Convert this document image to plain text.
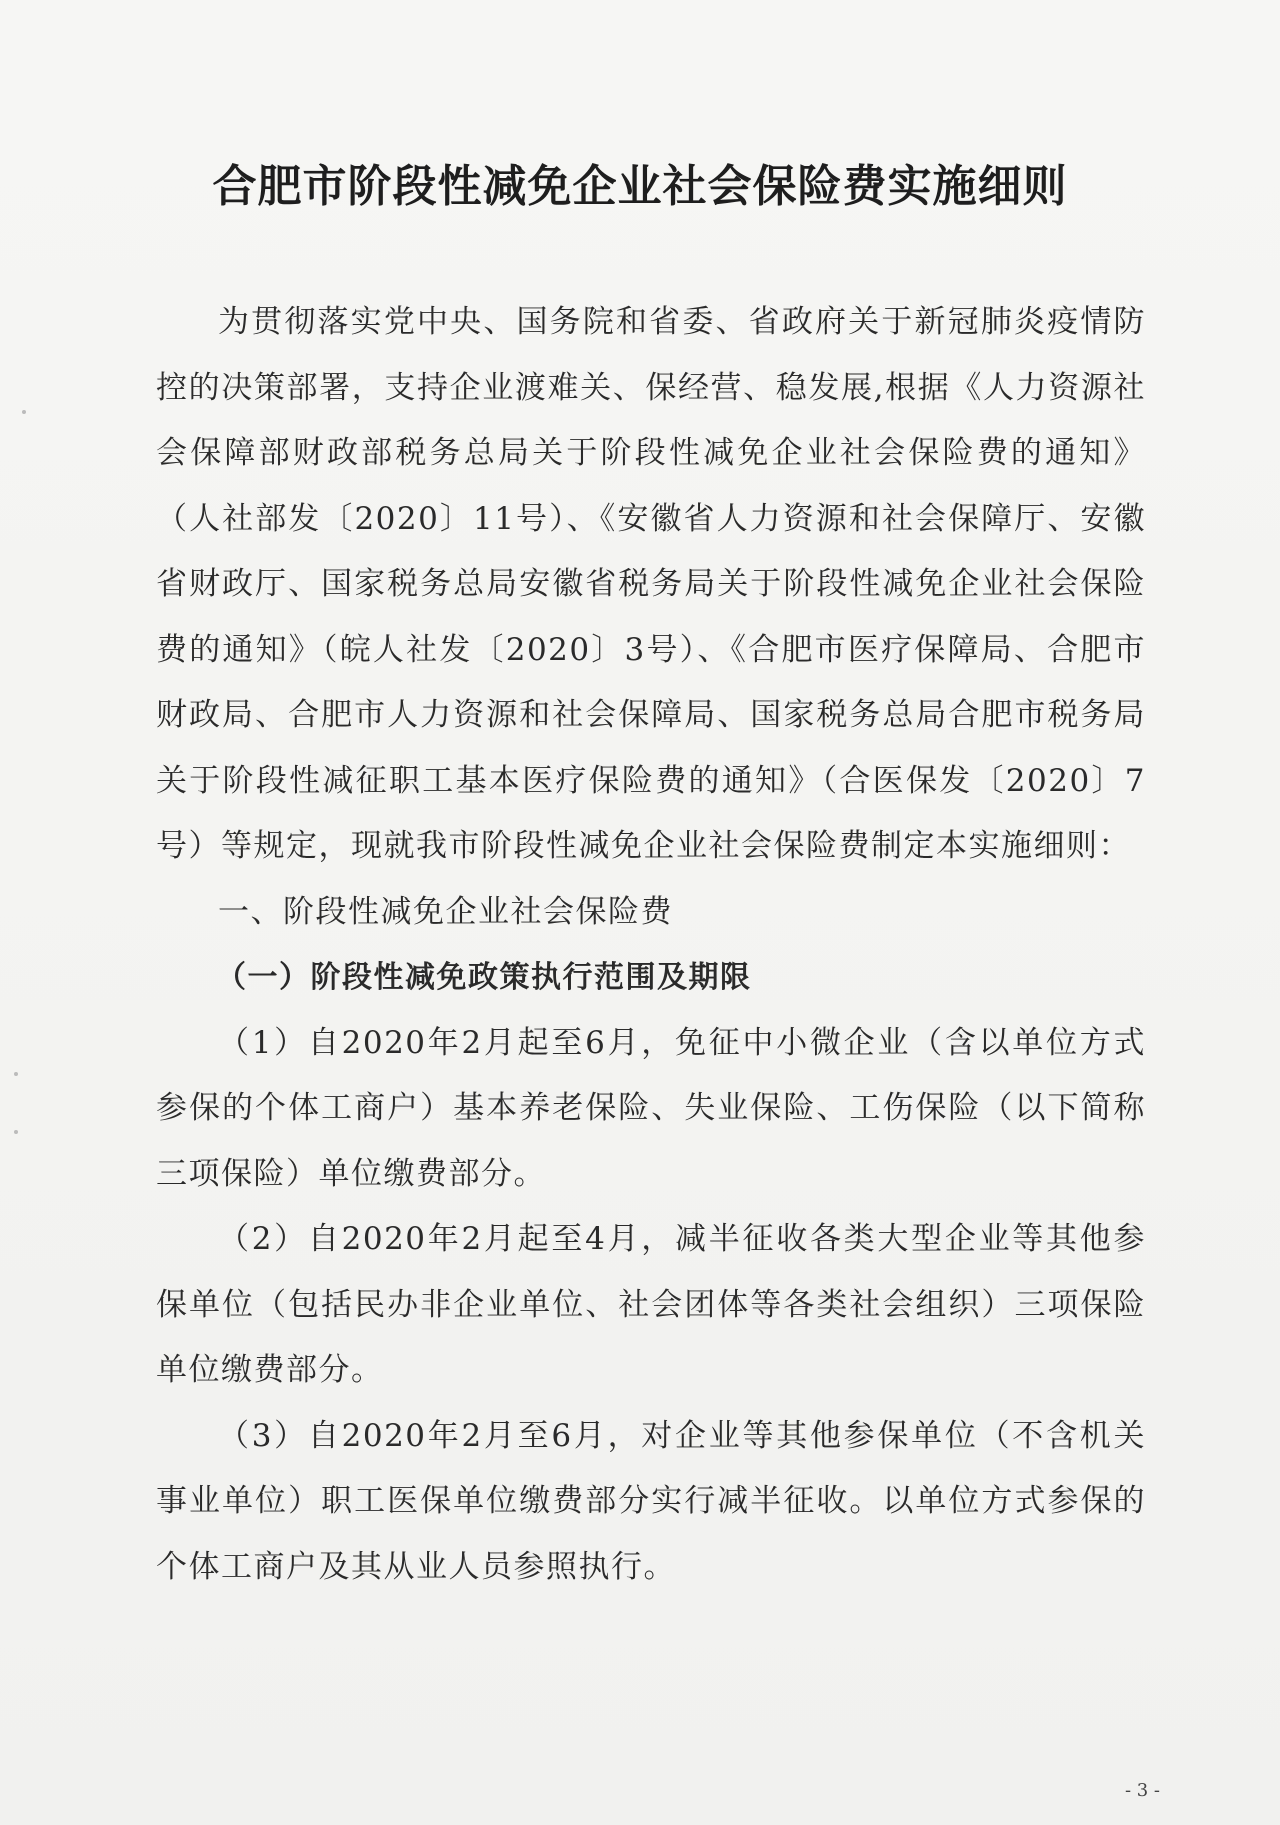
合肥市阶段性减免企业社会保险费实施细则

为贯彻落实党中央、国务院和省委、省政府关于新冠肺炎疫情防控的决策部署，支持企业渡难关、保经营、稳发展,根据《人力资源社会保障部财政部税务总局关于阶段性减免企业社会保险费的通知》（人社部发〔2020〕11号）、《安徽省人力资源和社会保障厅、安徽省财政厅、国家税务总局安徽省税务局关于阶段性减免企业社会保险费的通知》（皖人社发〔2020〕3号）、《合肥市医疗保障局、合肥市财政局、合肥市人力资源和社会保障局、国家税务总局合肥市税务局关于阶段性减征职工基本医疗保险费的通知》（合医保发〔2020〕7号）等规定，现就我市阶段性减免企业社会保险费制定本实施细则：

一、阶段性减免企业社会保险费

（一）阶段性减免政策执行范围及期限

（1）自2020年2月起至6月，免征中小微企业（含以单位方式参保的个体工商户）基本养老保险、失业保险、工伤保险（以下简称三项保险）单位缴费部分。

（2）自2020年2月起至4月，减半征收各类大型企业等其他参保单位（包括民办非企业单位、社会团体等各类社会组织）三项保险单位缴费部分。

（3）自2020年2月至6月，对企业等其他参保单位（不含机关事业单位）职工医保单位缴费部分实行减半征收。以单位方式参保的个体工商户及其从业人员参照执行。

- 3 -
